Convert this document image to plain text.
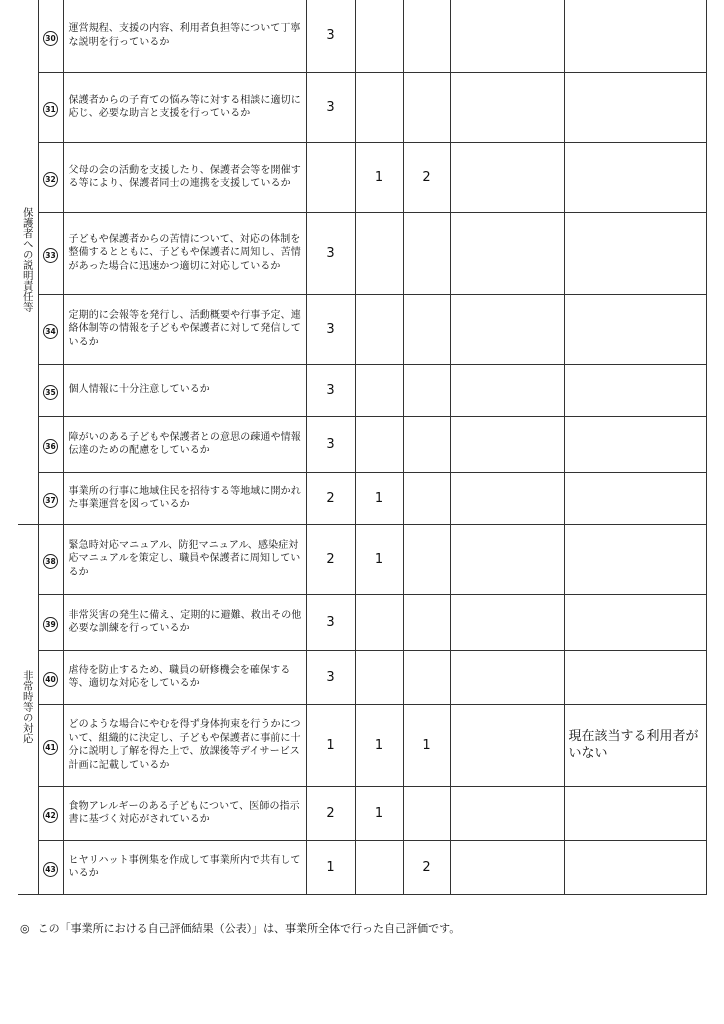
保護者への説明責任等	30	運営規程、支援の内容、利用者負担等について丁寧な説明を行っているか	3				
	31	保護者からの子育ての悩み等に対する相談に適切に応じ、必要な助言と支援を行っているか	3				
	32	父母の会の活動を支援したり、保護者会等を開催する等により、保護者同士の連携を支援しているか		1	2		
	33	子どもや保護者からの苦情について、対応の体制を整備するとともに、子どもや保護者に周知し、苦情があった場合に迅速かつ適切に対応しているか	3				
	34	定期的に会報等を発行し、活動概要や行事予定、連絡体制等の情報を子どもや保護者に対して発信しているか	3				
	35	個人情報に十分注意しているか	3				
	36	障がいのある子どもや保護者との意思の疎通や情報伝達のための配慮をしているか	3				
	37	事業所の行事に地域住民を招待する等地域に開かれた事業運営を図っているか	2	1			
非常時等の対応	38	緊急時対応マニュアル、防犯マニュアル、感染症対応マニュアルを策定し、職員や保護者に周知しているか	2	1			
	39	非常災害の発生に備え、定期的に避難、救出その他必要な訓練を行っているか	3				
	40	虐待を防止するため、職員の研修機会を確保する等、適切な対応をしているか	3				
	41	どのような場合にやむを得ず身体拘束を行うかについて、組織的に決定し、子どもや保護者に事前に十分に説明し了解を得た上で、放課後等デイサービス計画に記載しているか	1	1	1		現在該当する利用者がいない
	42	食物アレルギーのある子どもについて、医師の指示書に基づく対応がされているか	2	1			
	43	ヒヤリハット事例集を作成して事業所内で共有しているか	1		2		
◎ この「事業所における自己評価結果（公表）」は、事業所全体で行った自己評価です。
